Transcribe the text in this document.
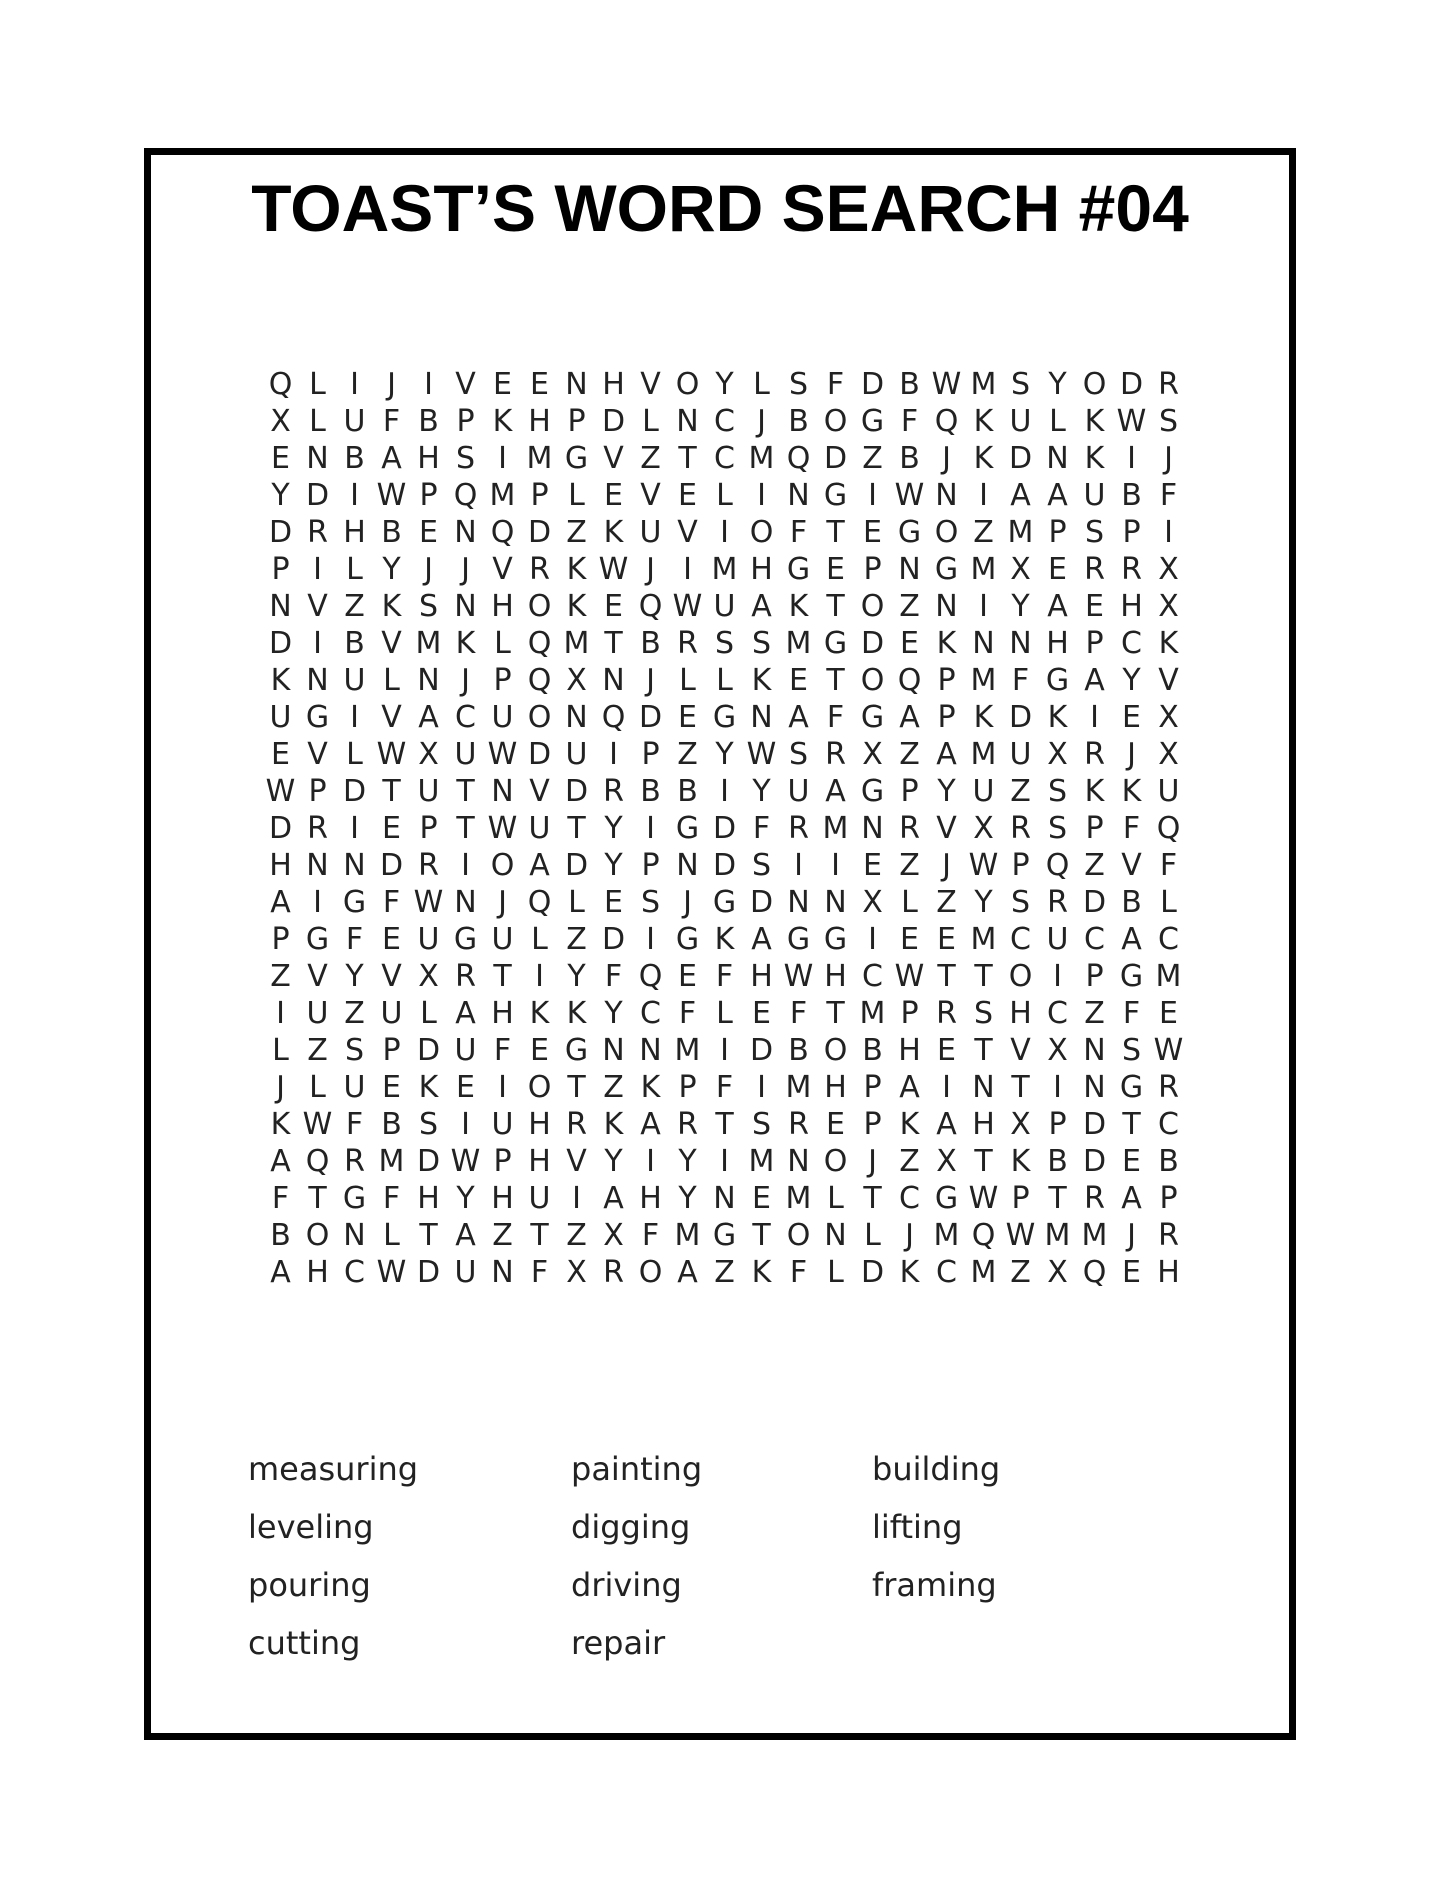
TOAST’S WORD SEARCH #04
Q L I J I V E E N H V O Y L S F D B W M S Y O D R
X L U F B P K H P D L N C J B O G F Q K U L K W S
E N B A H S I M G V Z T C M Q D Z B J K D N K I J
Y D I W P Q M P L E V E L I N G I W N I A A U B F
D R H B E N Q D Z K U V I O F T E G O Z M P S P I
P I L Y J J V R K W J I M H G E P N G M X E R R X
N V Z K S N H O K E Q W U A K T O Z N I Y A E H X
D I B V M K L Q M T B R S S M G D E K N N H P C K
K N U L N J P Q X N J L L K E T O Q P M F G A Y V
U G I V A C U O N Q D E G N A F G A P K D K I E X
E V L W X U W D U I P Z Y W S R X Z A M U X R J X
W P D T U T N V D R B B I Y U A G P Y U Z S K K U
D R I E P T W U T Y I G D F R M N R V X R S P F Q
H N N D R I O A D Y P N D S I I E Z J W P Q Z V F
A I G F W N J Q L E S J G D N N X L Z Y S R D B L
P G F E U G U L Z D I G K A G G I E E M C U C A C
Z V Y V X R T I Y F Q E F H W H C W T T O I P G M
I U Z U L A H K K Y C F L E F T M P R S H C Z F E
L Z S P D U F E G N N M I D B O B H E T V X N S W
J L U E K E I O T Z K P F I M H P A I N T I N G R
K W F B S I U H R K A R T S R E P K A H X P D T C
A Q R M D W P H V Y I Y I M N O J Z X T K B D E B
F T G F H Y H U I A H Y N E M L T C G W P T R A P
B O N L T A Z T Z X F M G T O N L J M Q W M M J R
A H C W D U N F X R O A Z K F L D K C M Z X Q E H
measuring
leveling
pouring
cutting
painting
digging
driving
repair
building
lifting
framing
